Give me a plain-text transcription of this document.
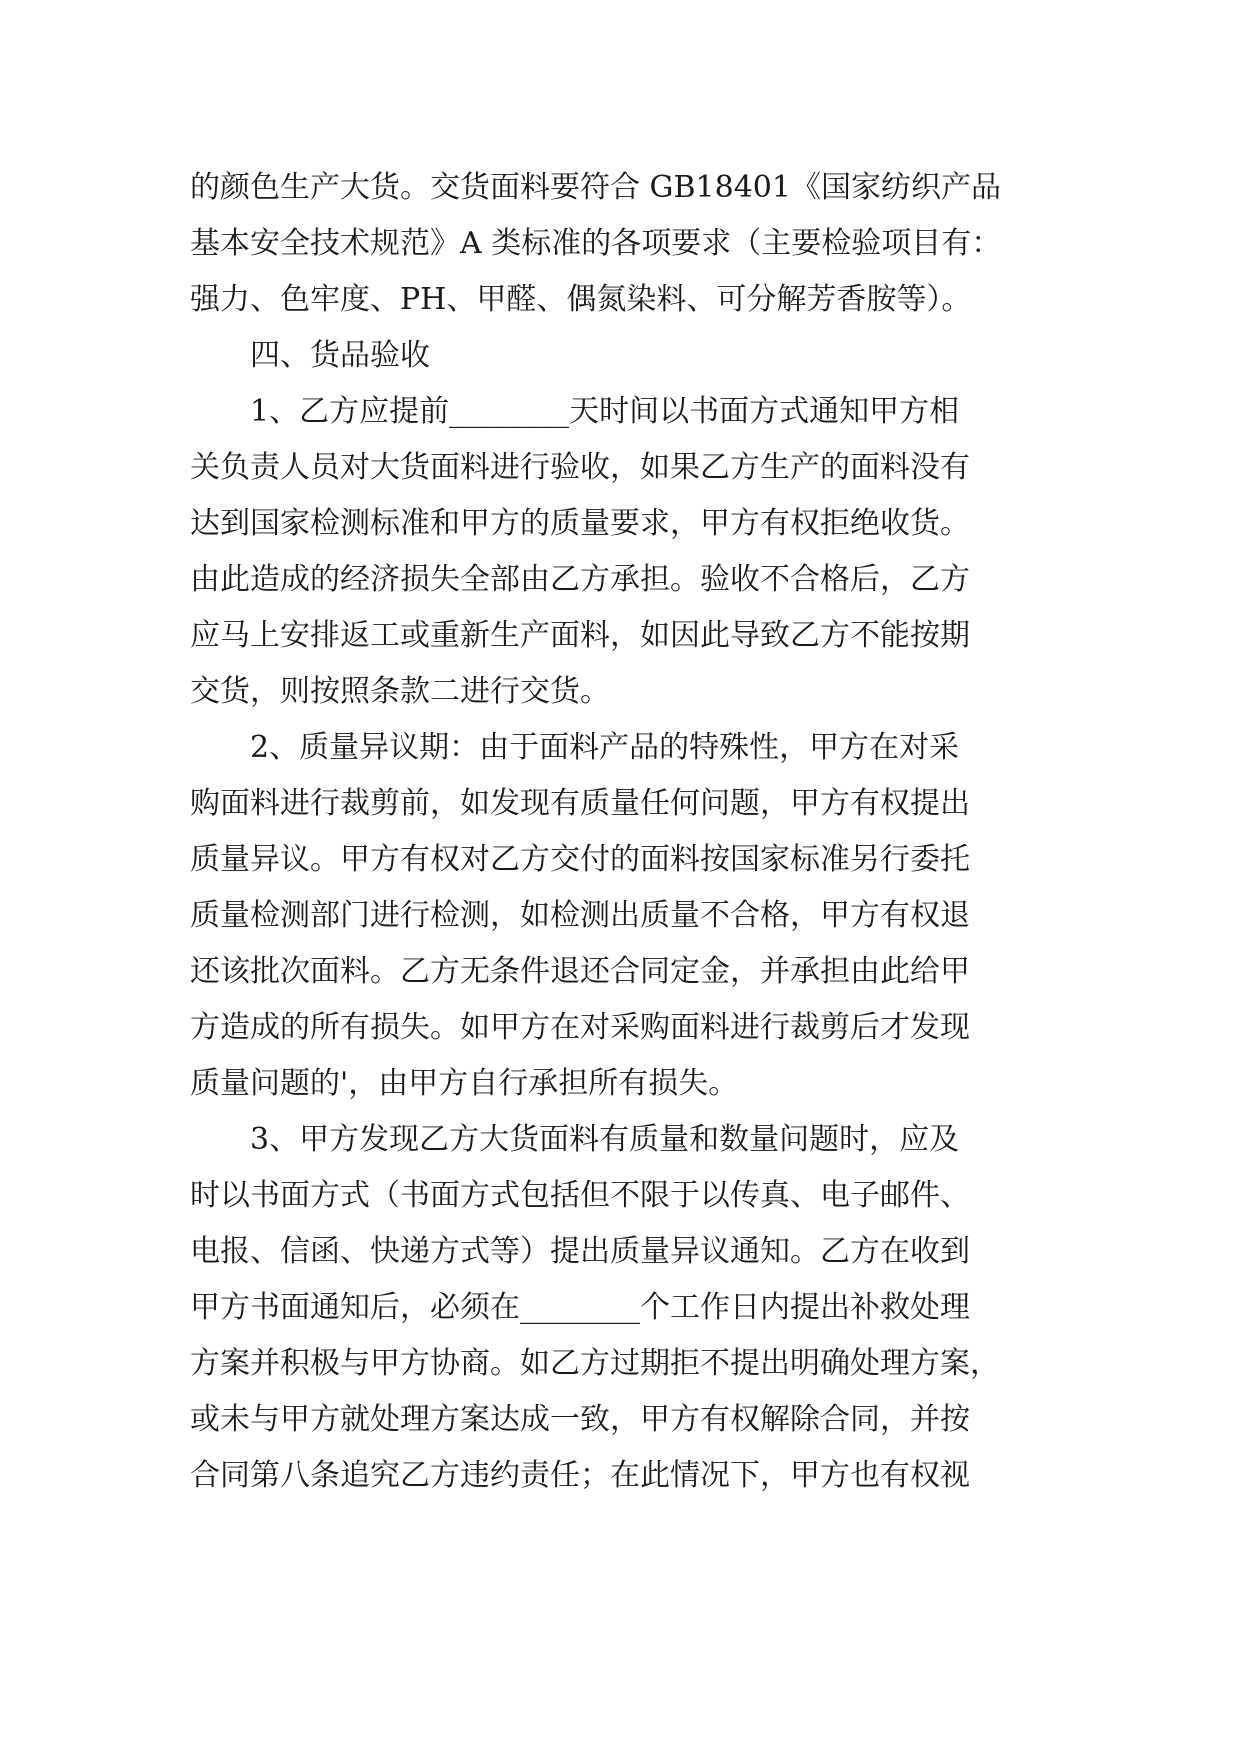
的颜色生产大货。交货面料要符合 GB18401《国家纺织产品
基本安全技术规范》A 类标准的各项要求（主要检验项目有：
强力、色牢度、PH、甲醛、偶氮染料、可分解芳香胺等）。
四、货品验收
1、乙方应提前________天时间以书面方式通知甲方相
关负责人员对大货面料进行验收，如果乙方生产的面料没有
达到国家检测标准和甲方的质量要求，甲方有权拒绝收货。
由此造成的经济损失全部由乙方承担。验收不合格后，乙方
应马上安排返工或重新生产面料，如因此导致乙方不能按期
交货，则按照条款二进行交货。
2、质量异议期：由于面料产品的特殊性，甲方在对采
购面料进行裁剪前，如发现有质量任何问题，甲方有权提出
质量异议。甲方有权对乙方交付的面料按国家标准另行委托
质量检测部门进行检测，如检测出质量不合格，甲方有权退
还该批次面料。乙方无条件退还合同定金，并承担由此给甲
方造成的所有损失。如甲方在对采购面料进行裁剪后才发现
质量问题的'，由甲方自行承担所有损失。
3、甲方发现乙方大货面料有质量和数量问题时，应及
时以书面方式（书面方式包括但不限于以传真、电子邮件、
电报、信函、快递方式等）提出质量异议通知。乙方在收到
甲方书面通知后，必须在________个工作日内提出补救处理
方案并积极与甲方协商。如乙方过期拒不提出明确处理方案，
或未与甲方就处理方案达成一致，甲方有权解除合同，并按
合同第八条追究乙方违约责任；在此情况下，甲方也有权视
